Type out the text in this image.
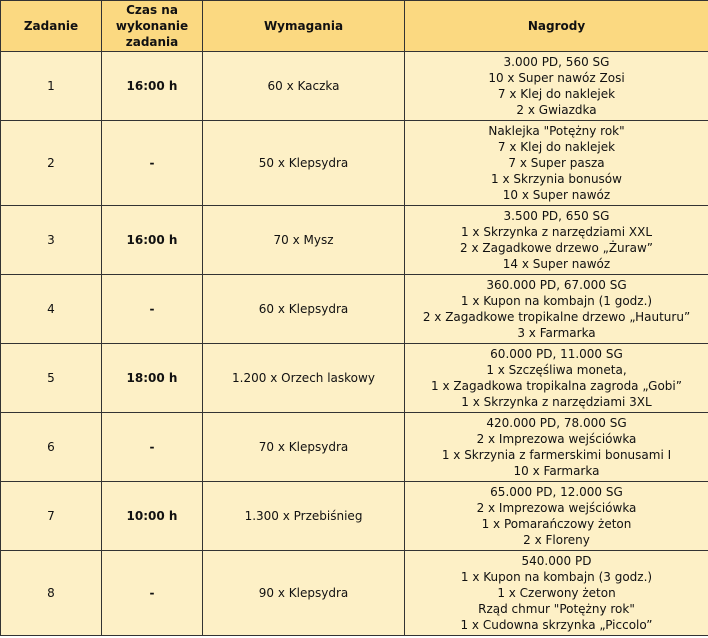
Zadanie	Czas na wykonanie zadania	Wymagania	Nagrody
1	16:00 h	60 x Kaczka	3.000 PD, 560 SG
10 x Super nawóz Zosi
7 x Klej do naklejek
2 x Gwiazdka

2	-	50 x Klepsydra	Naklejka "Potężny rok"
7 x Klej do naklejek
7 x Super pasza
1 x Skrzynia bonusów
10 x Super nawóz

3	16:00 h	70 x Mysz	3.500 PD, 650 SG
1 x Skrzynka z narzędziami XXL
2 x Zagadkowe drzewo „Żuraw”
14 x Super nawóz

4	-	60 x Klepsydra	360.000 PD, 67.000 SG
1 x Kupon na kombajn (1 godz.)
2 x Zagadkowe tropikalne drzewo „Hauturu”
3 x Farmarka

5	18:00 h	1.200 x Orzech laskowy	60.000 PD, 11.000 SG
1 x Szczęśliwa moneta,
1 x Zagadkowa tropikalna zagroda „Gobi”
1 x Skrzynka z narzędziami 3XL

6	-	70 x Klepsydra	420.000 PD, 78.000 SG
2 x Imprezowa wejściówka
1 x Skrzynia z farmerskimi bonusami I
10 x Farmarka

7	10:00 h	1.300 x Przebiśnieg	65.000 PD, 12.000 SG
2 x Imprezowa wejściówka
1 x Pomarańczowy żeton
2 x Floreny

8	-	90 x Klepsydra	540.000 PD
1 x Kupon na kombajn (3 godz.)
1 x Czerwony żeton
Rząd chmur "Potężny rok"
1 x Cudowna skrzynka „Piccolo”
